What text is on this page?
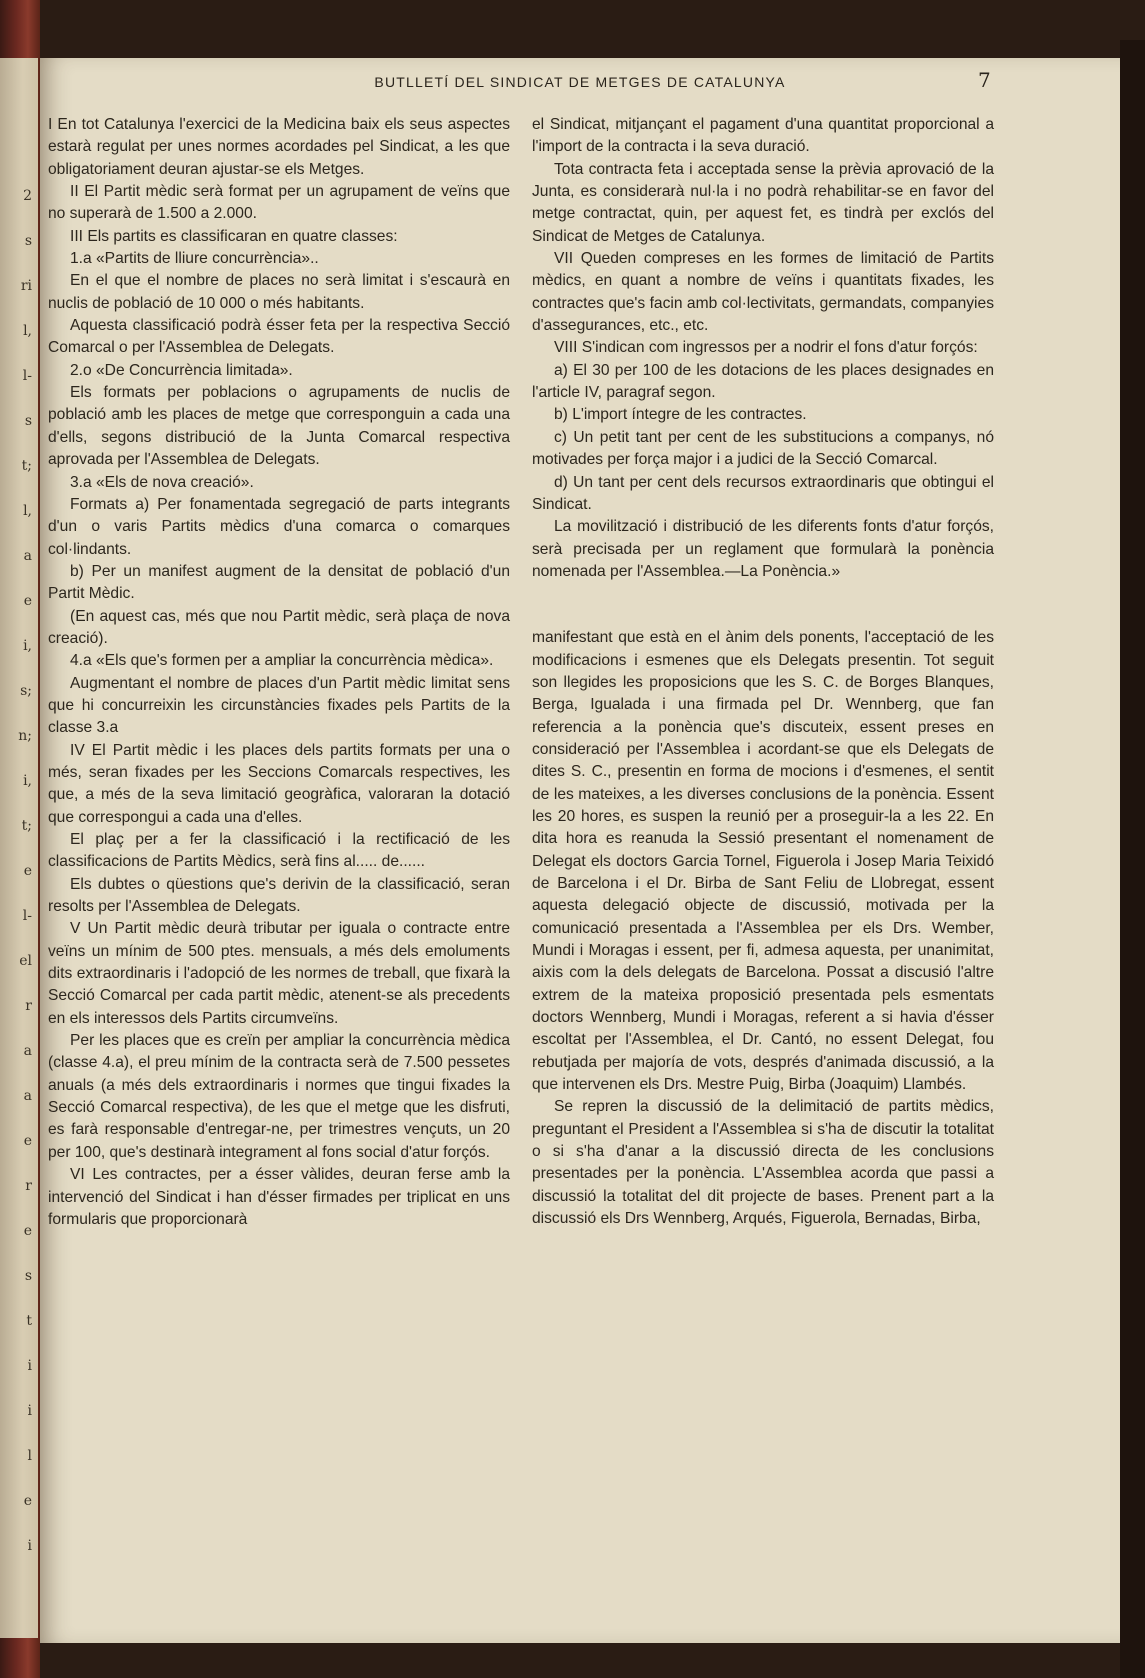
2
s
ri
l,
l-
s
t;
l,
a
e
i,
s;
n;
i,
t;
e
l-
el
r
a
a
e
r
e
s
t
i
i
l
e
i
BUTLLETÍ DEL SINDICAT DE METGES DE CATALUNYA	7

I En tot Catalunya l'exercici de la Medicina baix els seus aspectes estarà regulat per unes normes acordades pel Sindicat, a les que obligatoriament deuran ajustar-se els Metges.

II El Partit mèdic serà format per un agrupament de veïns que no superarà de 1.500 a 2.000.

III Els partits es classificaran en quatre classes:

1.a «Partits de lliure concurrència»..

En el que el nombre de places no serà limitat i s'escaurà en nuclis de població de 10 000 o més habitants.

Aquesta classificació podrà ésser feta per la respectiva Secció Comarcal o per l'Assemblea de Delegats.

2.o «De Concurrència limitada».

Els formats per poblacions o agrupaments de nuclis de població amb les places de metge que corresponguin a cada una d'ells, segons distribució de la Junta Comarcal respectiva aprovada per l'Assemblea de Delegats.

3.a «Els de nova creació».

Formats a) Per fonamentada segregació de parts integrants d'un o varis Partits mèdics d'una comarca o comarques col·lindants.

b) Per un manifest augment de la densitat de població d'un Partit Mèdic.

(En aquest cas, més que nou Partit mèdic, serà plaça de nova creació).

4.a «Els que's formen per a ampliar la concurrència mèdica».

Augmentant el nombre de places d'un Partit mèdic limitat sens que hi concurreixin les circunstàncies fixades pels Partits de la classe 3.a

IV El Partit mèdic i les places dels partits formats per una o més, seran fixades per les Seccions Comarcals respectives, les que, a més de la seva limitació geogràfica, valoraran la dotació que correspongui a cada una d'elles.

El plaç per a fer la classificació i la rectificació de les classificacions de Partits Mèdics, serà fins al..... de......

Els dubtes o qüestions que's derivin de la classificació, seran resolts per l'Assemblea de Delegats.

V Un Partit mèdic deurà tributar per iguala o contracte entre veïns un mínim de 500 ptes. mensuals, a més dels emoluments dits extraordinaris i l'adopció de les normes de treball, que fixarà la Secció Comarcal per cada partit mèdic, atenent-se als precedents en els interessos dels Partits circumveïns.

Per les places que es creïn per ampliar la concurrència mèdica (classe 4.a), el preu mínim de la contracta serà de 7.500 pessetes anuals (a més dels extraordinaris i normes que tingui fixades la Secció Comarcal respectiva), de les que el metge que les disfruti, es farà responsable d'entregar-ne, per trimestres vençuts, un 20 per 100, que's destinarà integrament al fons social d'atur forçós.

VI Les contractes, per a ésser vàlides, deuran ferse amb la intervenció del Sindicat i han d'ésser firmades per triplicat en uns formularis que proporcionarà

el Sindicat, mitjançant el pagament d'una quantitat proporcional a l'import de la contracta i la seva duració.

Tota contracta feta i acceptada sense la prèvia aprovació de la Junta, es considerarà nul·la i no podrà rehabilitar-se en favor del metge contractat, quin, per aquest fet, es tindrà per exclós del Sindicat de Metges de Catalunya.

VII Queden compreses en les formes de limitació de Partits mèdics, en quant a nombre de veïns i quantitats fixades, les contractes que's facin amb col·lectivitats, germandats, companyies d'assegurances, etc., etc.

VIII S'indican com ingressos per a nodrir el fons d'atur forçós:

a) El 30 per 100 de les dotacions de les places designades en l'article IV, paragraf segon.

b) L'import íntegre de les contractes.

c) Un petit tant per cent de les substitucions a companys, nó motivades per força major i a judici de la Secció Comarcal.

d) Un tant per cent dels recursos extraordinaris que obtingui el Sindicat.

La movilització i distribució de les diferents fonts d'atur forçós, serà precisada per un reglament que formularà la ponència nomenada per l'Assemblea.—La Ponència.»

manifestant que està en el ànim dels ponents, l'acceptació de les modificacions i esmenes que els Delegats presentin. Tot seguit son llegides les proposicions que les S. C. de Borges Blanques, Berga, Igualada i una firmada pel Dr. Wennberg, que fan referencia a la ponència que's discuteix, essent preses en consideració per l'Assemblea i acordant-se que els Delegats de dites S. C., presentin en forma de mocions i d'esmenes, el sentit de les mateixes, a les diverses conclusions de la ponència. Essent les 20 hores, es suspen la reunió per a proseguir-la a les 22. En dita hora es reanuda la Sessió presentant el nomenament de Delegat els doctors Garcia Tornel, Figuerola i Josep Maria Teixidó de Barcelona i el Dr. Birba de Sant Feliu de Llobregat, essent aquesta delegació objecte de discussió, motivada per la comunicació presentada a l'Assemblea per els Drs. Wember, Mundi i Moragas i essent, per fi, admesa aquesta, per unanimitat, aixis com la dels delegats de Barcelona. Possat a discusió l'altre extrem de la mateixa proposició presentada pels esmentats doctors Wennberg, Mundi i Moragas, referent a si havia d'ésser escoltat per l'Assemblea, el Dr. Cantó, no essent Delegat, fou rebutjada per majoría de vots, després d'animada discussió, a la que intervenen els Drs. Mestre Puig, Birba (Joaquim) Llambés.

Se repren la discussió de la delimitació de partits mèdics, preguntant el President a l'Assemblea si s'ha de discutir la totalitat o si s'ha d'anar a la discussió directa de les conclusions presentades per la ponència. L'Assemblea acorda que passi a discussió la totalitat del dit projecte de bases. Prenent part a la discussió els Drs Wennberg, Arqués, Figuerola, Bernadas, Birba,
